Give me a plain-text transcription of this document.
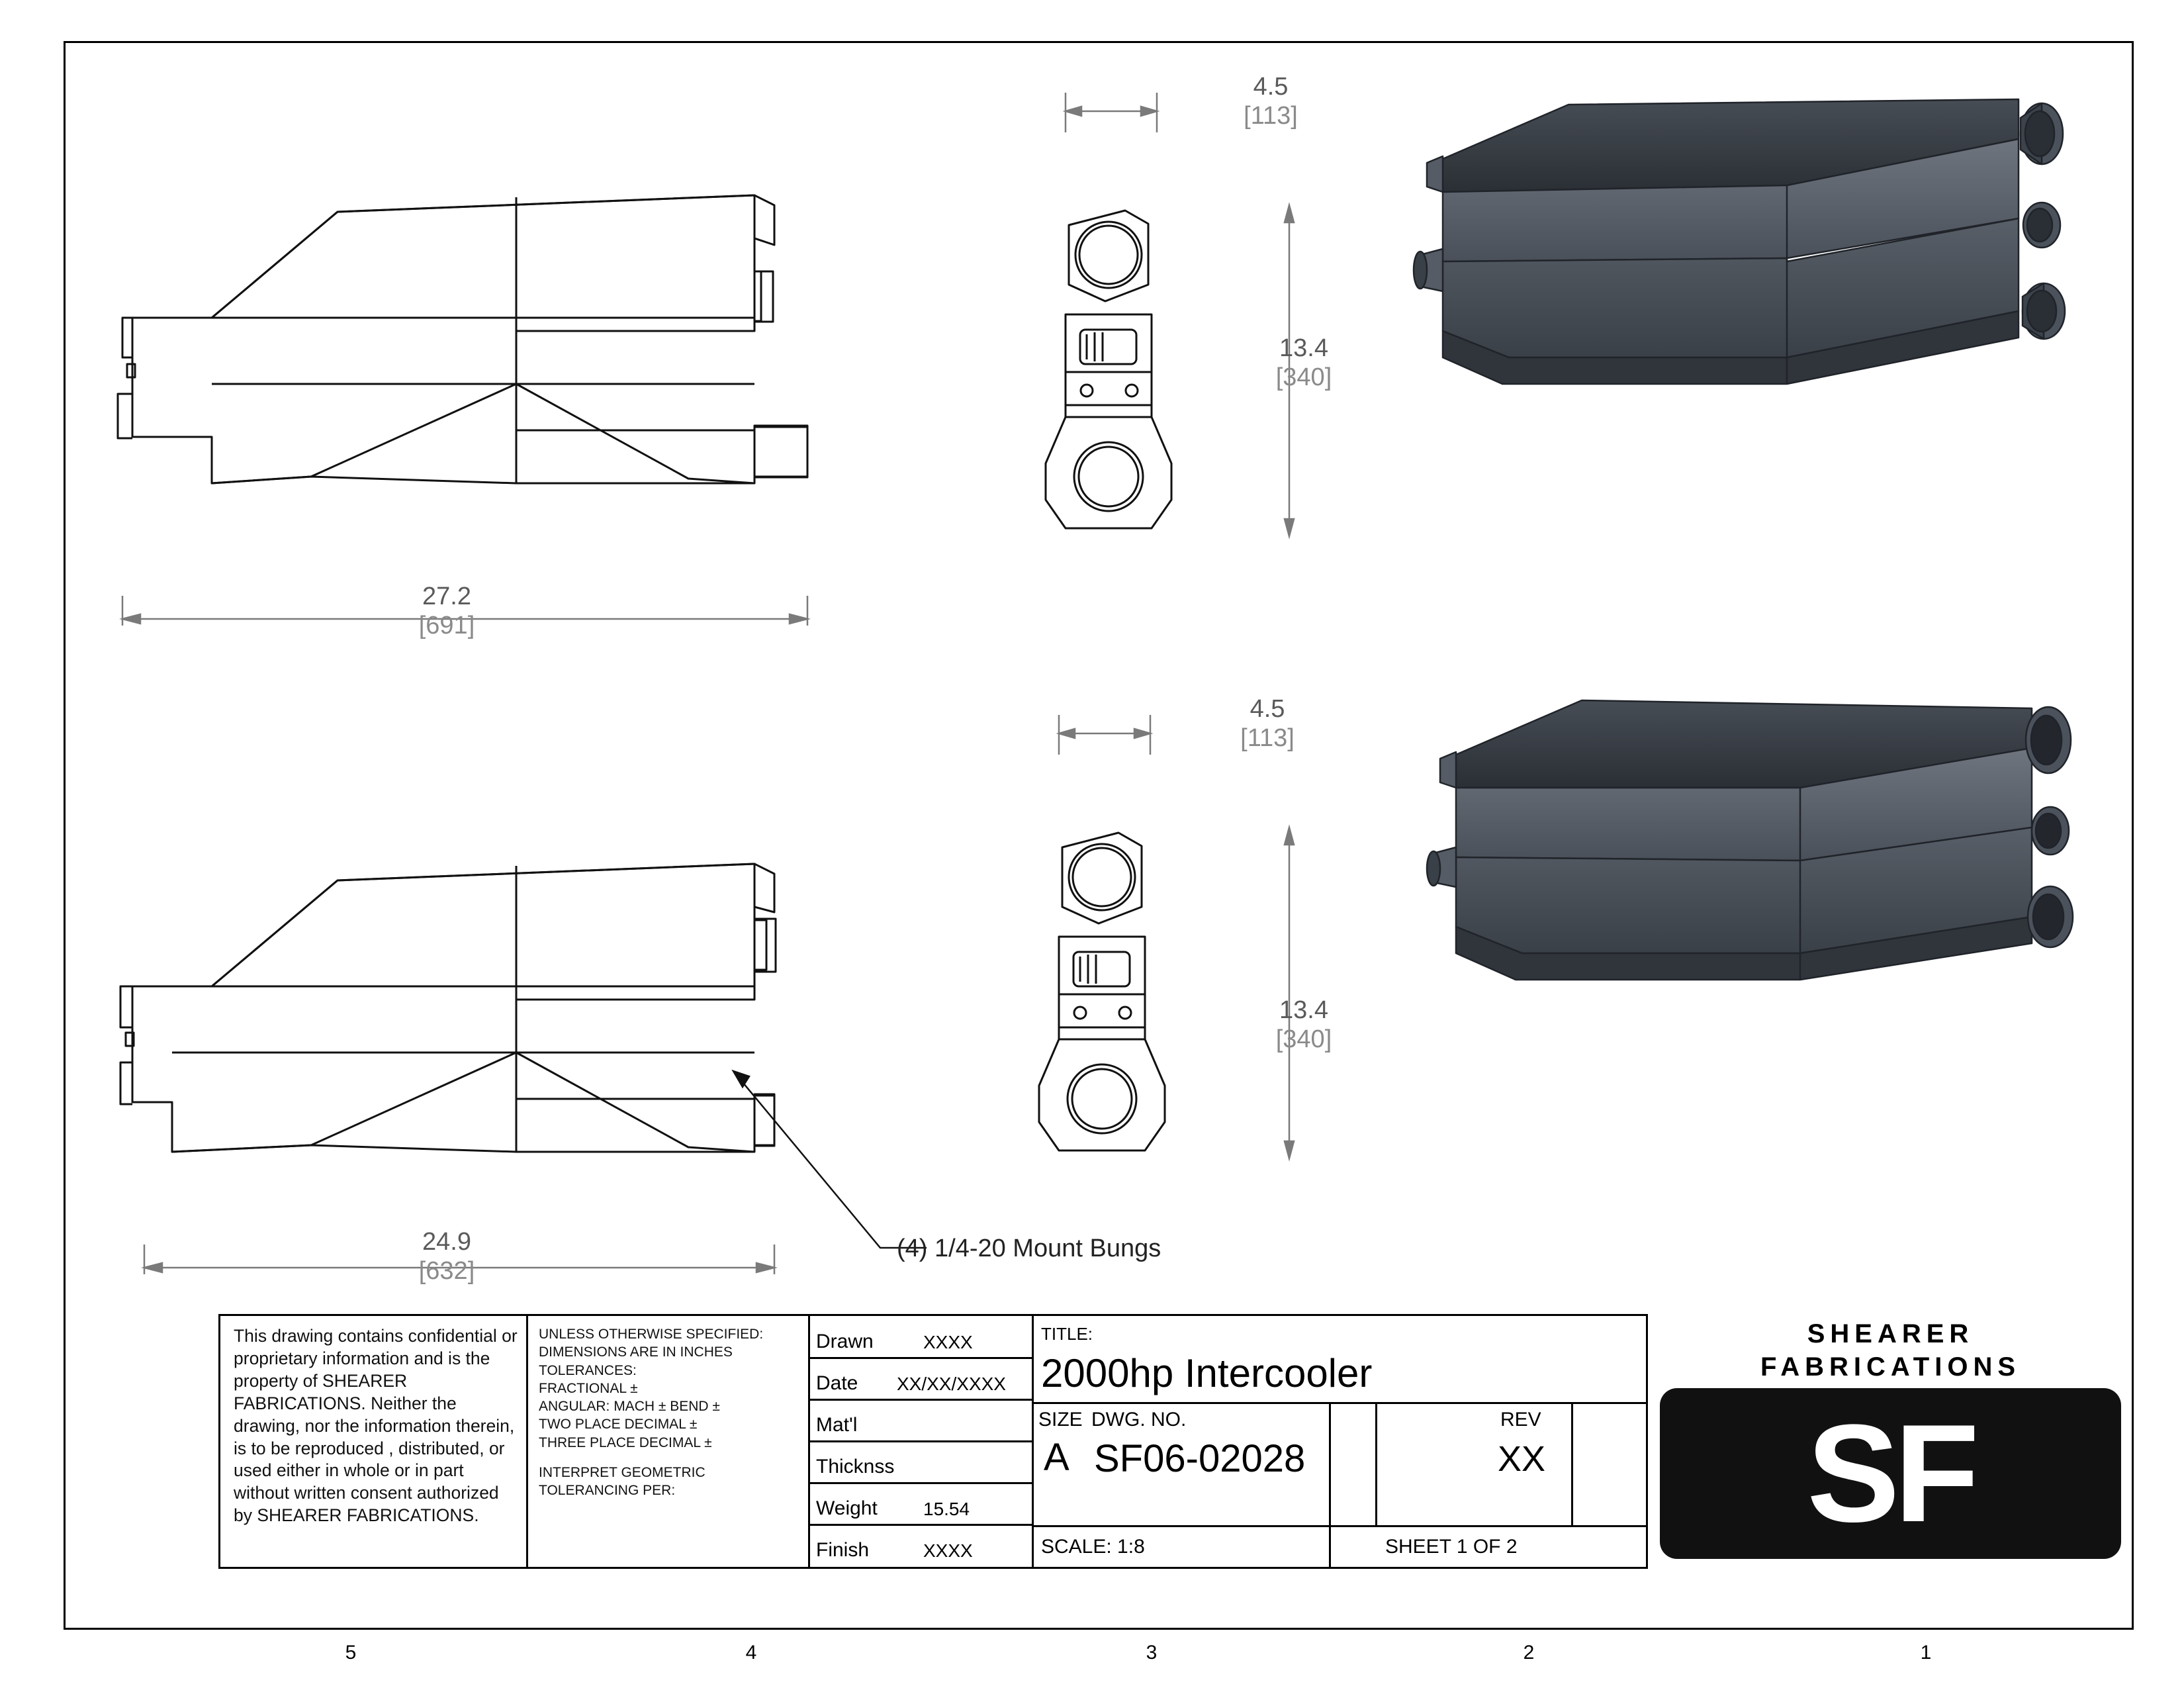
5	4	3	2	1
27.2
[691]
(4) 1/4-20 Mount Bungs
24.9
[632]
4.5
[113]
13.4
[340]
4.5
[113]
13.4
[340]
This drawing contains confidential or proprietary information and is the property of SHEARER FABRICATIONS. Neither the drawing, nor the information therein, is to be reproduced , distributed, or used either in whole or in part without written consent authorized by SHEARER FABRICATIONS.
UNLESS OTHERWISE SPECIFIED:
DIMENSIONS ARE IN INCHES
TOLERANCES:
FRACTIONAL ±
ANGULAR: MACH ± BEND ±
TWO PLACE DECIMAL ±
THREE PLACE DECIMAL ±
INTERPRET GEOMETRIC
TOLERANCING PER:
Drawn	XXXX
Date XX/XX/XXXX
Mat'l
Thicknss
Weight 15.54
Finish	XXXX
TITLE:
2000hp Intercooler
SIZE
A
DWG. NO.
SF06-02028
REV
XX
SCALE: 1:8	SHEET 1 OF 2
SHEARER
FABRICATIONS
SF
